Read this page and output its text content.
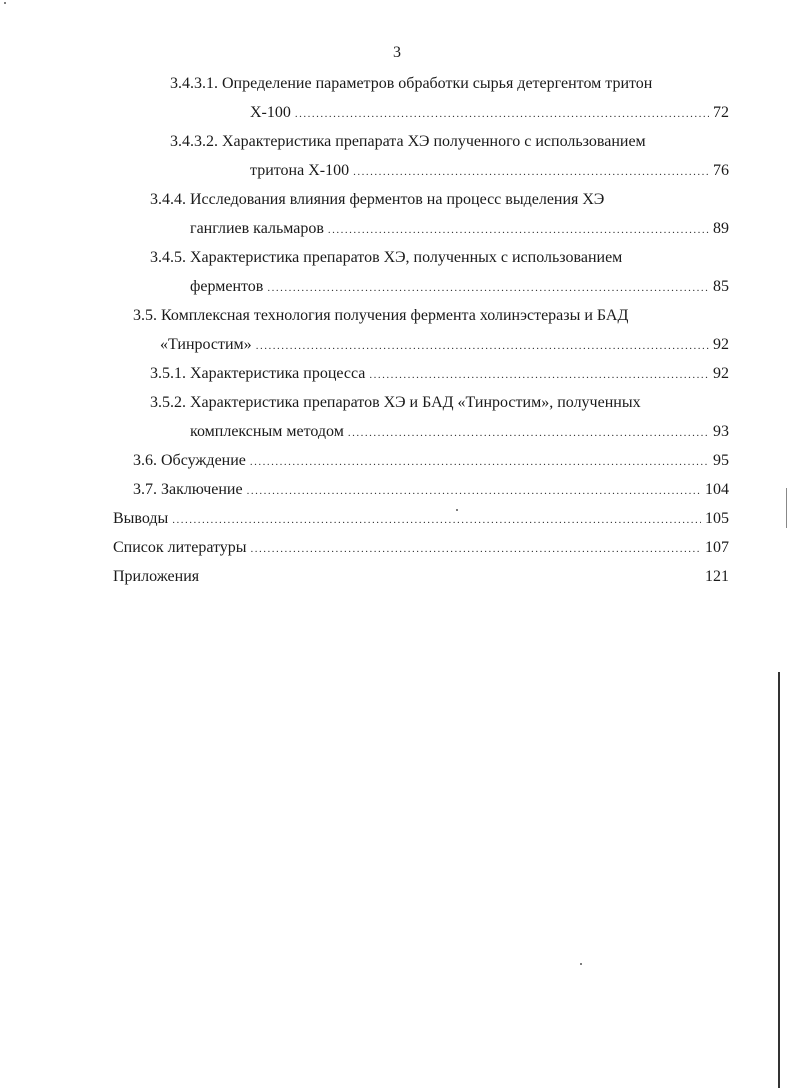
3
3.4.3.1. Определение параметров обработки сырья детергентом тритон
Х-100 .....	72
3.4.3.2. Характеристика препарата ХЭ полученного с использованием
тритона Х-100 .....	76
3.4.4. Исследования влияния ферментов на процесс выделения ХЭ
ганглиев кальмаров .....	89
3.4.5. Характеристика препаратов ХЭ, полученных с использованием
ферментов .....	85
3.5. Комплексная технология получения фермента холинэстеразы и БАД
«Тинростим» .....	92
3.5.1. Характеристика процесса .....	92
3.5.2. Характеристика препаратов ХЭ и БАД «Тинростим», полученных
комплексным методом .....	93
3.6. Обсуждение .....	95
3.7. Заключение .....	104
Выводы .....	105
Список литературы .....	107
Приложения	121
